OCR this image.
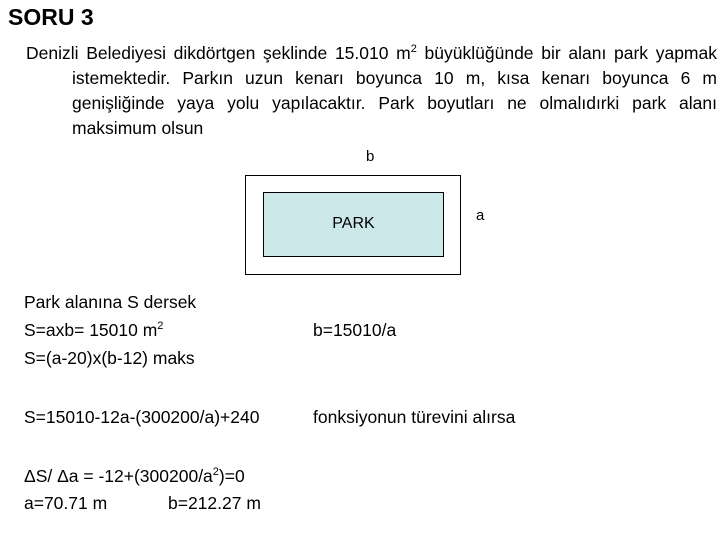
SORU 3
Denizli Belediyesi dikdörtgen şeklinde 15.010 $m^2$ büyüklüğünde bir alanı park yapmak istemektedir. Parkın uzun kenarı boyunca 10 m, kısa kenarı boyunca 6 m genişliğinde yaya yolu yapılacaktır. Park boyutları ne olmalıdırki park alanı maksimum olsun
b
PARK	a
Park alanına S dersek
S=axb= 15010 $m^2$	b=15010/a
S=(a-20)x(b-12) maks
S=15010-12a-(300200/a)+240	fonksiyonun türevini alırsa
ΔS/ $\Delta a = -12+(300200/a^2)=0$
a=70.71 m	b=212.27 m
